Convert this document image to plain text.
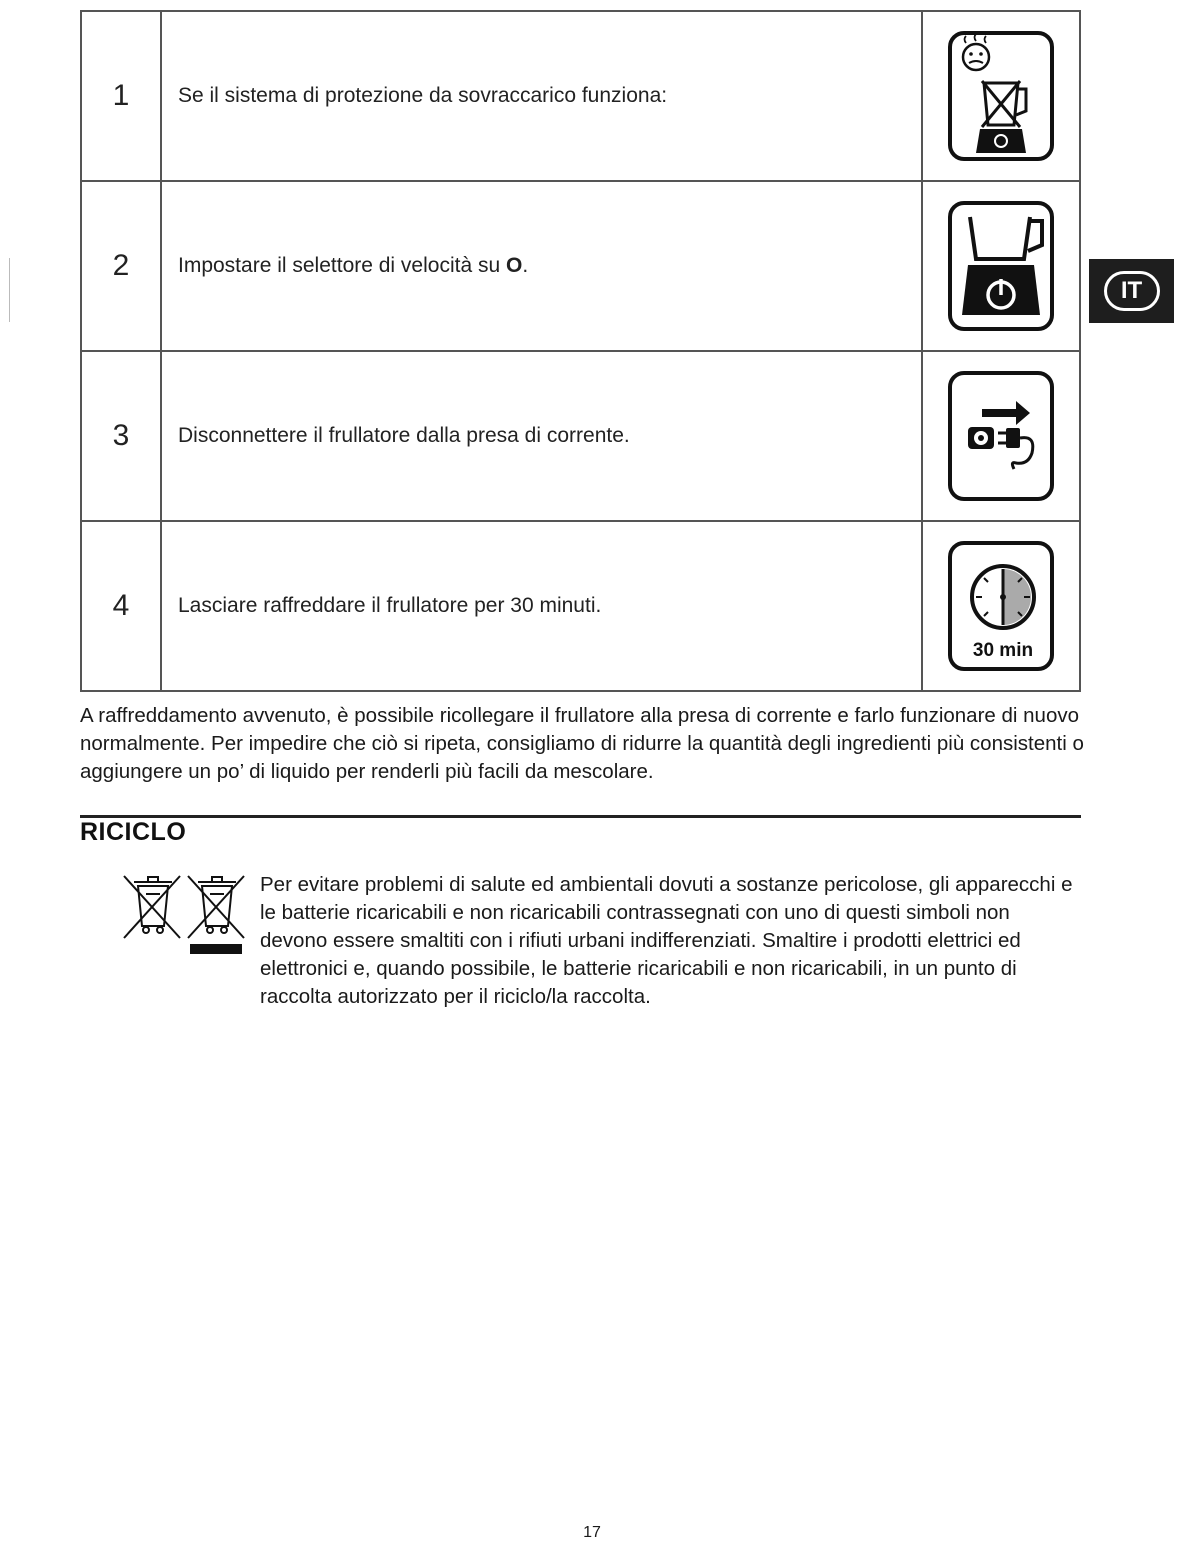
1	Se il sistema di protezione da sovraccarico funziona:	

2	Impostare il selettore di velocità su O.	

3	Disconnettere il frullatore dalla presa di corrente.	

4	Lasciare raffreddare il frullatore per 30 minuti.	30 min
IT

A raffreddamento avvenuto, è possibile ricollegare il frullatore alla presa di corrente e farlo funzionare di nuovo normalmente. Per impedire che ciò si ripeta, consigliamo di ridurre la quantità degli ingredienti più consistenti o aggiungere un po’ di liquido per renderli più facili da mescolare.

RICICLO

Per evitare problemi di salute ed ambientali dovuti a sostanze pericolose, gli apparecchi e le batterie ricaricabili e non ricaricabili contrassegnati con uno di questi simboli non devono essere smaltiti con i rifiuti urbani indifferenziati. Smaltire i prodotti elettrici ed elettronici e, quando possibile, le batterie ricaricabili e non ricaricabili, in un punto di raccolta autorizzato per il riciclo/la raccolta.

17
